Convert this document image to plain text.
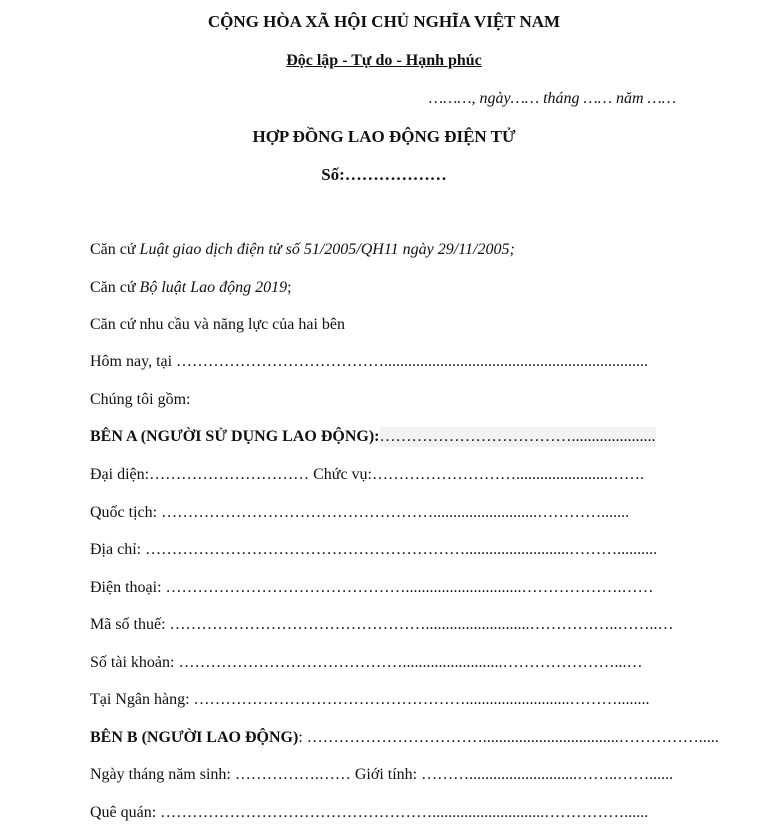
CỘNG HÒA XÃ HỘI CHỦ NGHĨA VIỆT NAM
Độc lập - Tự do - Hạnh phúc
………, ngày…… tháng …… năm ……
HỢP ĐỒNG LAO ĐỘNG ĐIỆN TỬ
Số:………………
Căn cứ Luật giao dịch điện tử số 51/2005/QH11 ngày 29/11/2005;
Căn cứ Bộ luật Lao động 2019;
Căn cứ nhu cầu và năng lực của hai bên
Hôm nay, tại …………………………………..................................................................
Chúng tôi gồm:
BÊN A (NGƯỜI SỬ DỤNG LAO ĐỘNG):……………………………….....................
Đại diện:………………………… Chức vụ:……………………….......................…….
Quốc tịch: ……………………………………………..........................………….......
Địa chỉ: ……………………………………………………..........................………..........
Điện thoại: ……………………………………….............................……………….……
Mã số thuế: …………………………………………..........................……………..……..…
Số tài khoản: …………………………………….........................…………………...…
Tại Ngân hàng: ……………………………………………..........................………........
BÊN B (NGƯỜI LAO ĐỘNG): ……………………………..................................…………….....
Ngày tháng năm sinh: …………….…… Giới tính: ………...........................……..……......
Quê quán: ……………………………………………............................……………......
